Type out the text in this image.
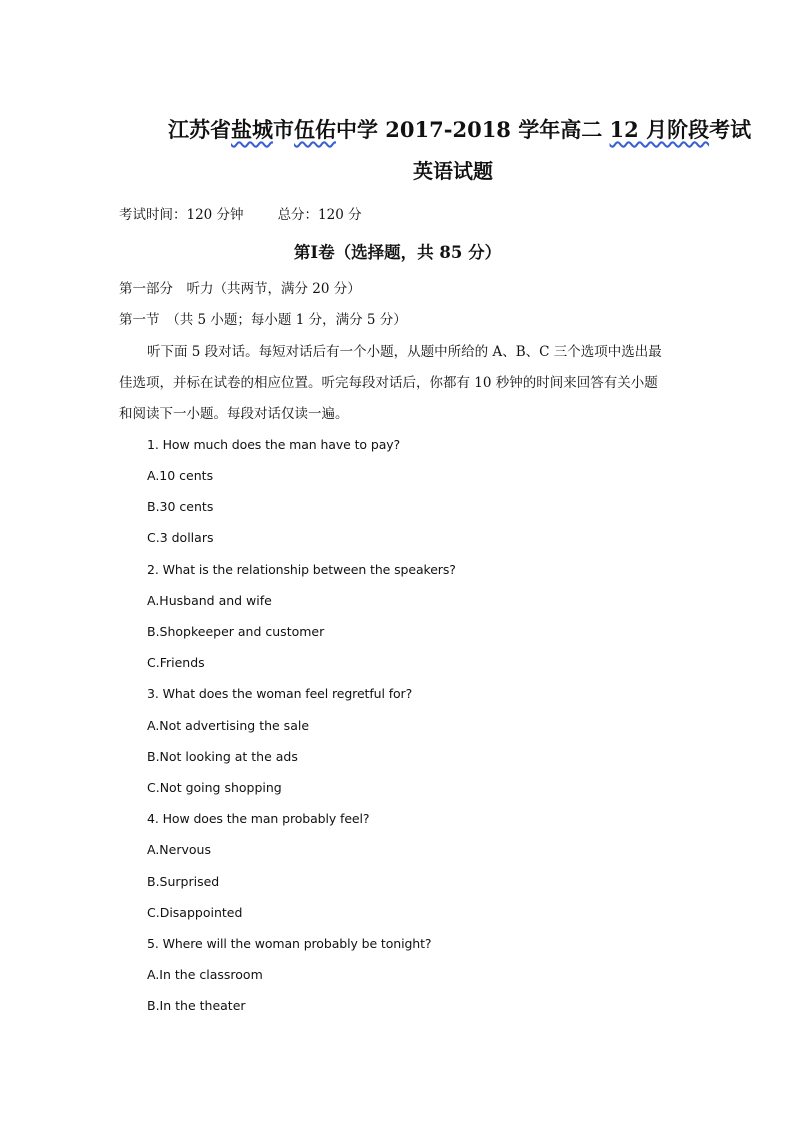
江苏省盐城市伍佑中学 2017-2018 学年高二 12 月阶段考试
英语试题
考试时间：120 分钟	总分：120 分
第Ⅰ卷（选择题，共 85 分）
第一部分　听力（共两节，满分 20 分）
第一节　（共 5 小题；每小题 1 分，满分 5 分）
听下面 5 段对话。每短对话后有一个小题，从题中所给的 A、B、C 三个选项中选出最
佳选项，并标在试卷的相应位置。听完每段对话后，你都有 10 秒钟的时间来回答有关小题
和阅读下一小题。每段对话仅读一遍。
1. How much does the man have to pay?
A.10 cents
B.30 cents
C.3 dollars
2. What is the relationship between the speakers?
A.Husband and wife
B.Shopkeeper and customer
C.Friends
3. What does the woman feel regretful for?
A.Not advertising the sale
B.Not looking at the ads
C.Not going shopping
4. How does the man probably feel?
A.Nervous
B.Surprised
C.Disappointed
5. Where will the woman probably be tonight?
A.In the classroom
B.In the theater
